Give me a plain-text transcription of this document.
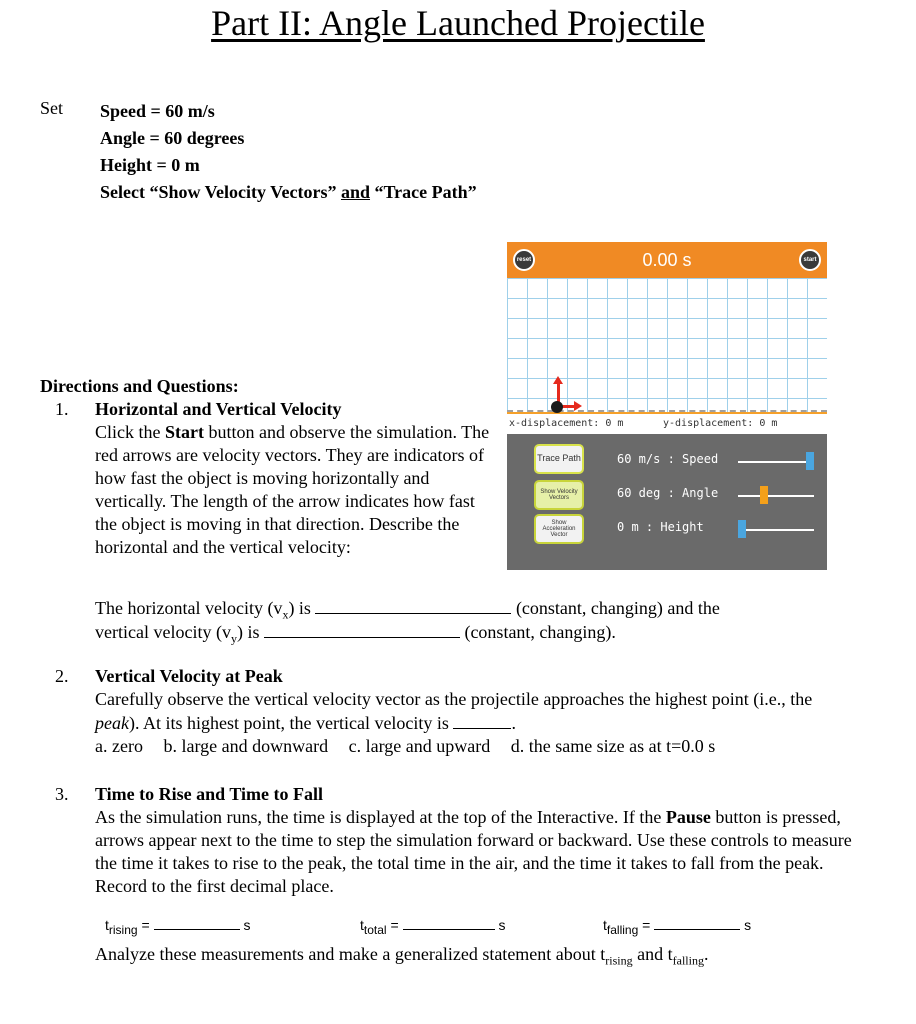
Part II: Angle Launched Projectile
Set Speed = 60 m/s
Angle = 60 degrees
Height = 0 m
Select “Show Velocity Vectors” and “Trace Path”
reset	0.00 s	start
x-displacement: 0 m	y-displacement: 0 m
Trace Path
Show Velocity Vectors
Show Acceleration Vector
60 m/s : Speed
60 deg : Angle
0 m : Height
Directions and Questions:
1. Horizontal and Vertical Velocity
Click the Start button and observe the simulation. The red arrows are velocity vectors. They are indicators of how fast the object is moving horizontally and vertically. The length of the arrow indicates how fast the object is moving in that direction. Describe the horizontal and the vertical velocity:
The horizontal velocity $(v_x)$ is	(constant, changing) and the
vertical velocity $(v_y)$ is	(constant, changing).
2. Vertical Velocity at Peak
Carefully observe the vertical velocity vector as the projectile approaches the highest point (i.e., the peak). At its highest point, the vertical velocity is	.
a. zero b. large and downward c. large and upward d. the same size as at t=0.0 s
3. Time to Rise and Time to Fall
As the simulation runs, the time is displayed at the top of the Interactive. If the Pause button is pressed, arrows appear next to the time to step the simulation forward or backward. Use these controls to measure the time it takes to rise to the peak, the total time in the air, and the time it takes to fall from the peak. Record to the first decimal place.
$t_{rising}$ =	s	$t_{total}$ =	s	$t_{falling}$ =	s
Analyze these measurements and make a generalized statement about $t_{rising}$ and $t_{falling}$.
